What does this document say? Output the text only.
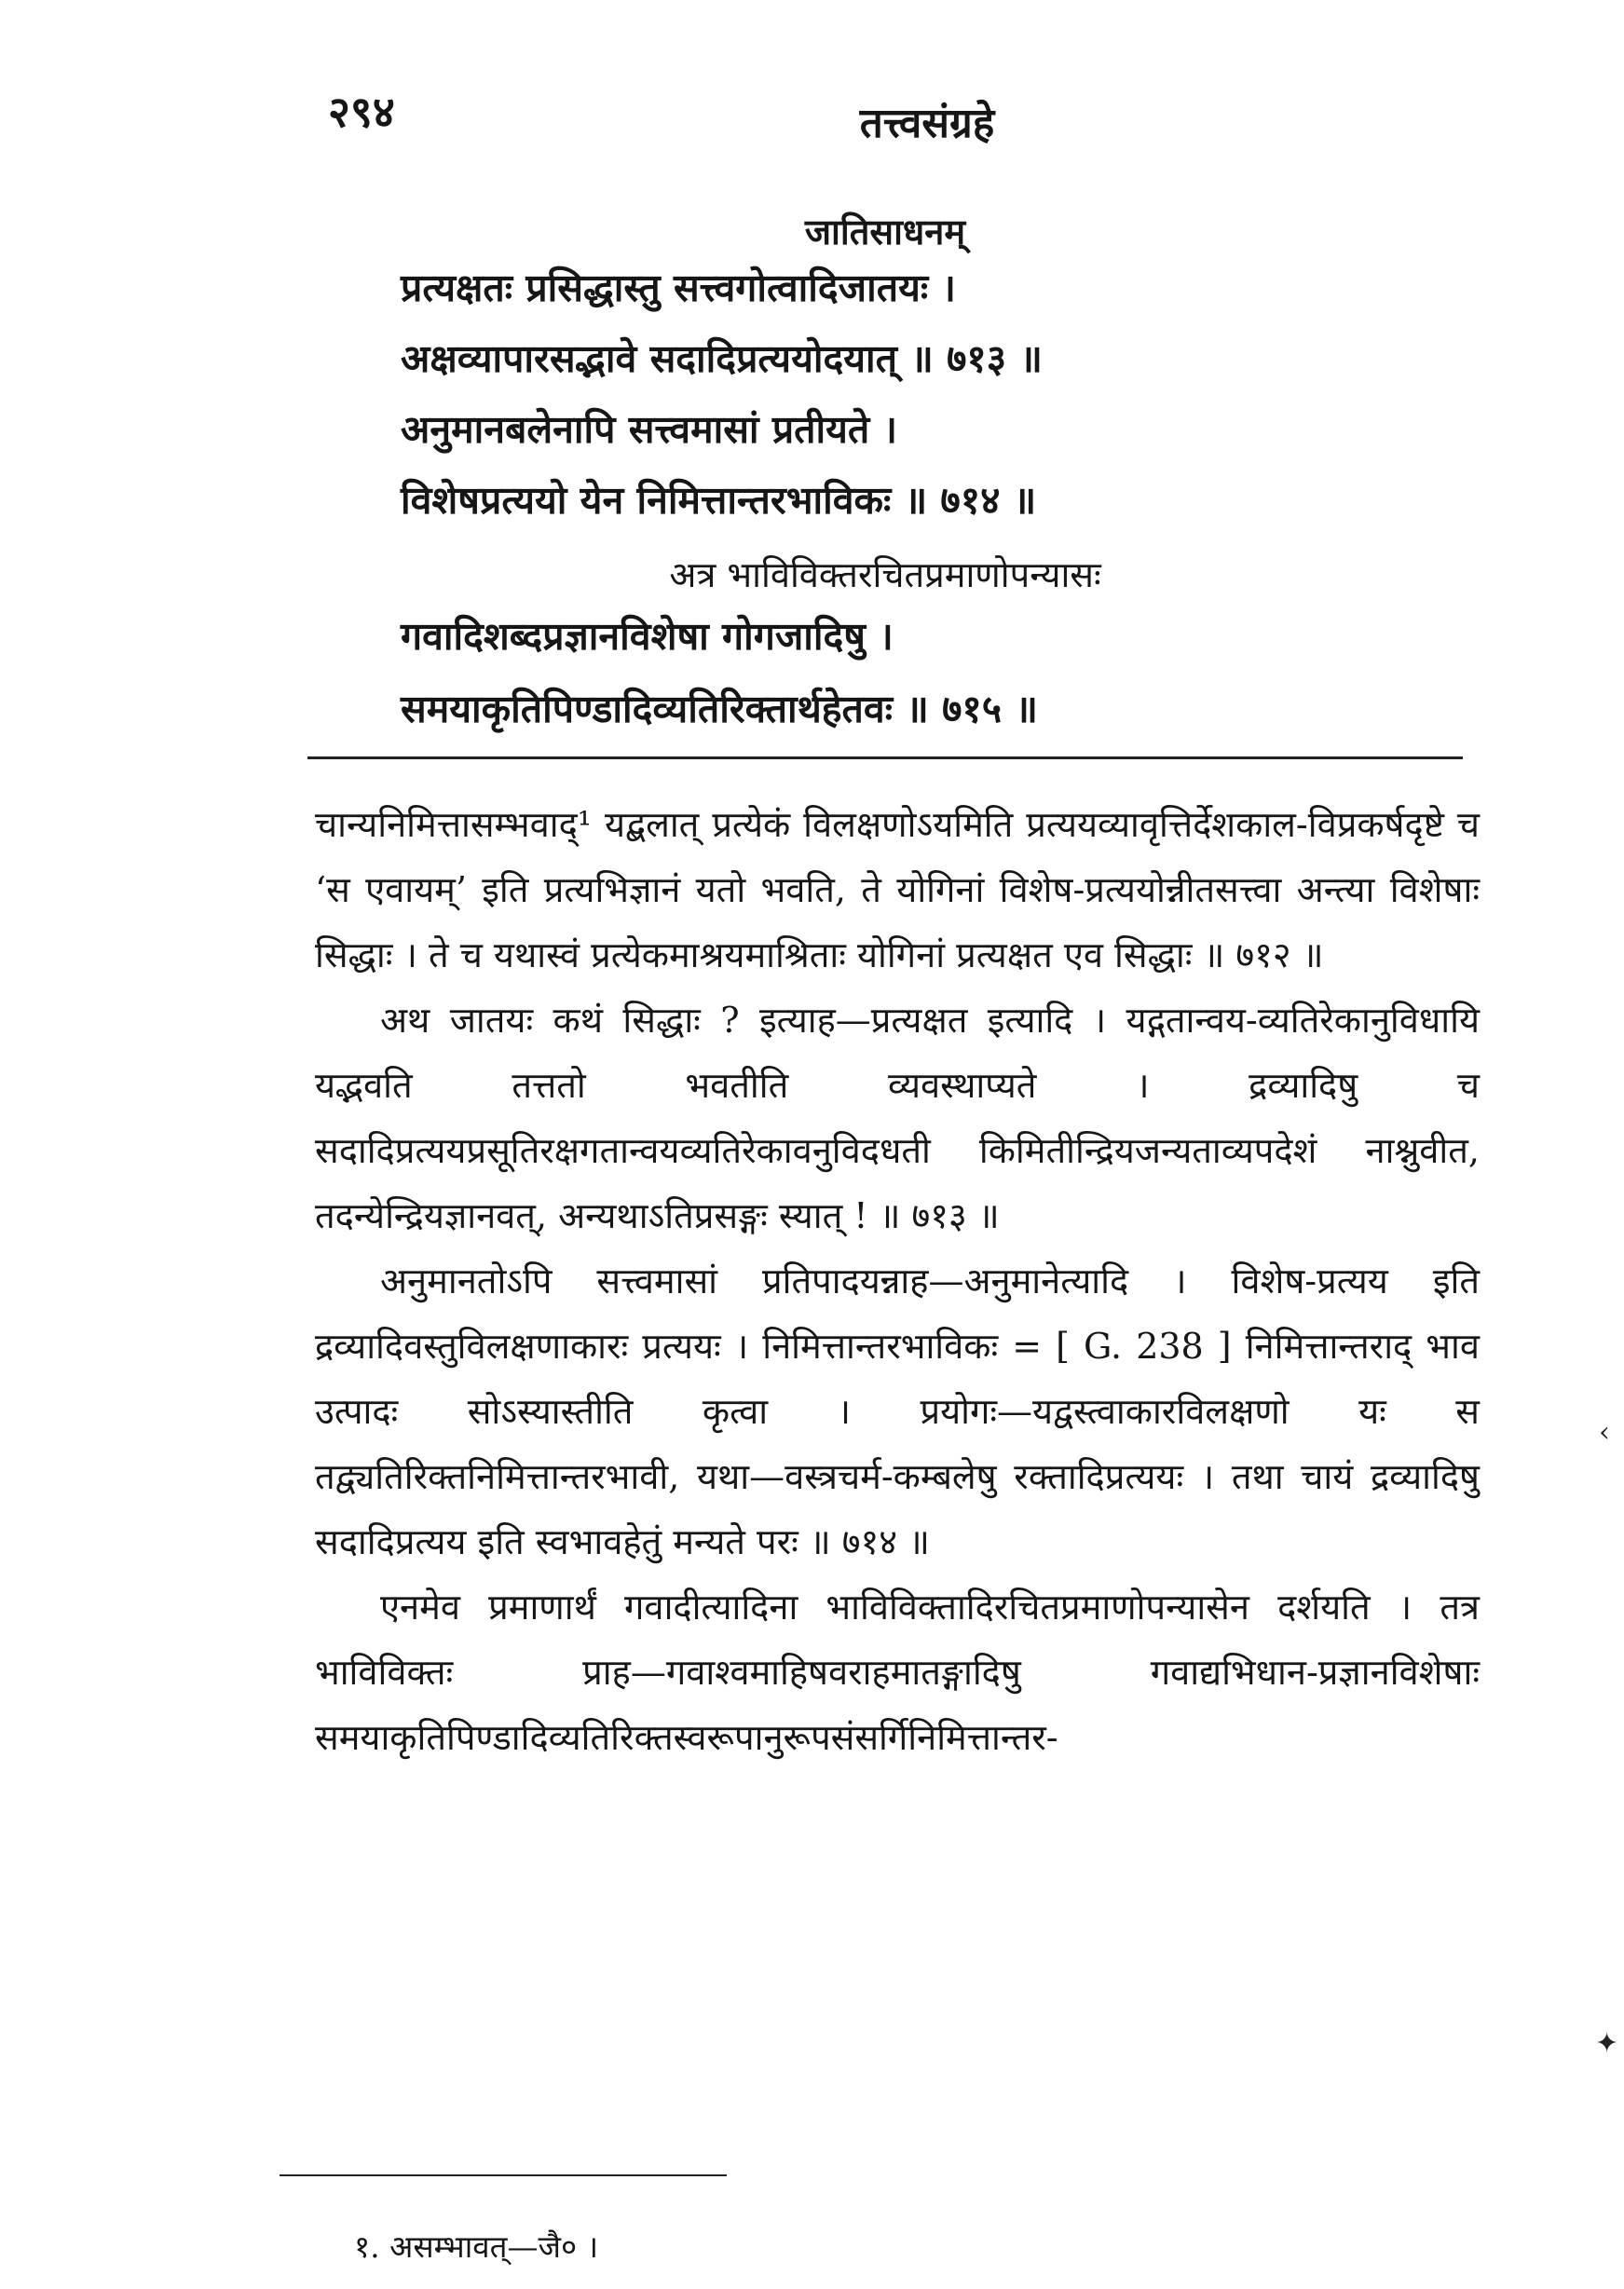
२९४	तत्त्वसंग्रहे
जातिसाधनम्
प्रत्यक्षतः प्रसिद्धास्तु सत्त्वगोत्वादिजातयः ।
अक्षव्यापारसद्भावे सदादिप्रत्ययोदयात् ॥ ७१३ ॥
अनुमानबलेनापि सत्त्वमासां प्रतीयते ।
विशेषप्रत्ययो येन निमित्तान्तरभाविकः ॥ ७१४ ॥
अत्र भाविविक्तरचितप्रमाणोपन्यासः
गवादिशब्दप्रज्ञानविशेषा गोगजादिषु ।
समयाकृतिपिण्डादिव्यतिरिक्तार्थहेतवः ॥ ७१५ ॥

चान्यनिमित्तासम्भवाद्¹ यद्बलात् प्रत्येकं विलक्षणोऽयमिति प्रत्ययव्यावृत्तिर्देशकाल-विप्रकर्षदृष्टे च ‘स एवायम्’ इति प्रत्यभिज्ञानं यतो भवति, ते योगिनां विशेष-प्रत्ययोन्नीतसत्त्वा अन्त्या विशेषाः सिद्धाः । ते च यथास्वं प्रत्येकमाश्रयमाश्रिताः योगिनां प्रत्यक्षत एव सिद्धाः ॥ ७१२ ॥

अथ जातयः कथं सिद्धाः ? इत्याह—प्रत्यक्षत इत्यादि । यद्गतान्वय-व्यतिरेकानुविधायि यद्भवति तत्ततो भवतीति व्यवस्थाप्यते । द्रव्यादिषु च सदादिप्रत्ययप्रसूतिरक्षगतान्वयव्यतिरेकावनुविदधती किमितीन्द्रियजन्यताव्यपदेशं नाश्नुवीत, तदन्येन्द्रियज्ञानवत्, अन्यथाऽतिप्रसङ्गः स्यात् ! ॥ ७१३ ॥

अनुमानतोऽपि सत्त्वमासां प्रतिपादयन्नाह—अनुमानेत्यादि । विशेष-प्रत्यय इति द्रव्यादिवस्तुविलक्षणाकारः प्रत्ययः । निमित्तान्तरभाविकः = [ G. 238 ] निमित्तान्तराद् भाव उत्पादः सोऽस्यास्तीति कृत्वा । प्रयोगः—यद्वस्त्वाकारविलक्षणो यः स तद्व्यतिरिक्तनिमित्तान्तरभावी, यथा—वस्त्रचर्म-कम्बलेषु रक्तादिप्रत्ययः । तथा चायं द्रव्यादिषु सदादिप्रत्यय इति स्वभावहेतुं मन्यते परः ॥ ७१४ ॥

एनमेव प्रमाणार्थं गवादीत्यादिना भाविविक्तादिरचितप्रमाणोपन्यासेन दर्शयति । तत्र भाविविक्तः प्राह—गवाश्वमाहिषवराहमातङ्गादिषु गवाद्यभिधान-प्रज्ञानविशेषाः समयाकृतिपिण्डादिव्यतिरिक्तस्वरूपानुरूपसंसर्गिनिमित्तान्तर-

१. असम्भावत्—जै० ।
‹
✦
